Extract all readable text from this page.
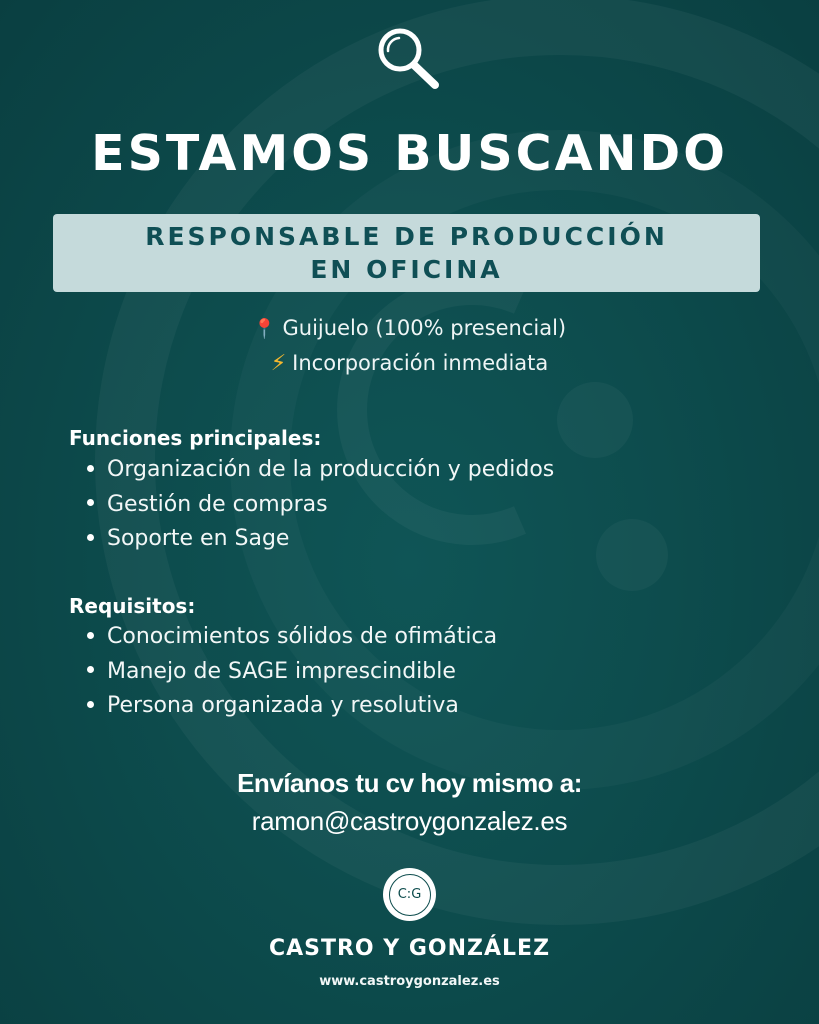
ESTAMOS BUSCANDO
RESPONSABLE DE PRODUCCIÓN
EN OFICINA
📍 Guijuelo (100% presencial)
⚡ Incorporación inmediata
Funciones principales:
Organización de la producción y pedidos
Gestión de compras
Soporte en Sage
Requisitos:
Conocimientos sólidos de ofimática
Manejo de SAGE imprescindible
Persona organizada y resolutiva
Envíanos tu cv hoy mismo a:
ramon@castroygonzalez.es
C:G
CASTRO Y GONZÁLEZ
www.castroygonzalez.es
